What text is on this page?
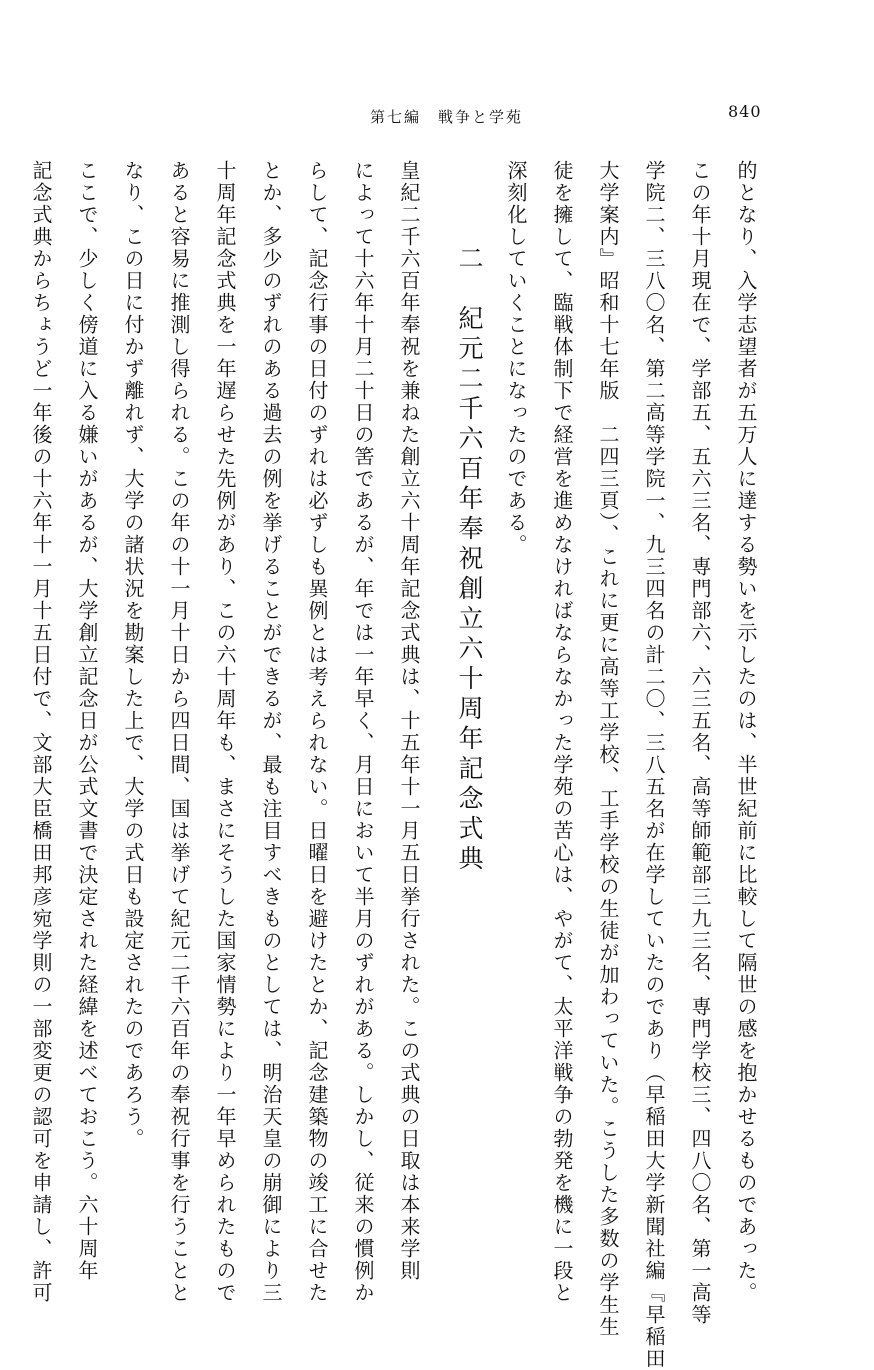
第七編　戦争と学苑	840
的となり、入学志望者が五万人に達する勢いを示したのは、半世紀前に比較して隔世の感を抱かせるものであった。
この年十月現在で、学部五、五六三名、専門部六、六三五名、高等師範部三九三名、専門学校三、四八〇名、第一高等
学院二、三八〇名、第二高等学院一、九三四名の計二〇、三八五名が在学していたのであり（早稲田大学新聞社編『早稲田
大学案内』昭和十七年版　二四三頁）、これに更に高等工学校、工手学校の生徒が加わっていた。こうした多数の学生生
徒を擁して、臨戦体制下で経営を進めなければならなかった学苑の苦心は、やがて、太平洋戦争の勃発を機に一段と
深刻化していくことになったのである。
二　紀元二千六百年奉祝創立六十周年記念式典
皇紀二千六百年奉祝を兼ねた創立六十周年記念式典は、十五年十一月五日挙行された。この式典の日取は本来学則
によって十六年十月二十日の筈であるが、年では一年早く、月日において半月のずれがある。しかし、従来の慣例か
らして、記念行事の日付のずれは必ずしも異例とは考えられない。日曜日を避けたとか、記念建築物の竣工に合せた
とか、多少のずれのある過去の例を挙げることができるが、最も注目すべきものとしては、明治天皇の崩御により三
十周年記念式典を一年遅らせた先例があり、この六十周年も、まさにそうした国家情勢により一年早められたもので
あると容易に推測し得られる。この年の十一月十日から四日間、国は挙げて紀元二千六百年の奉祝行事を行うことと
なり、この日に付かず離れず、大学の諸状況を勘案した上で、大学の式日も設定されたのであろう。
ここで、少しく傍道に入る嫌いがあるが、大学創立記念日が公式文書で決定された経緯を述べておこう。六十周年
記念式典からちょうど一年後の十六年十一月十五日付で、文部大臣橋田邦彦宛学則の一部変更の認可を申請し、許可
